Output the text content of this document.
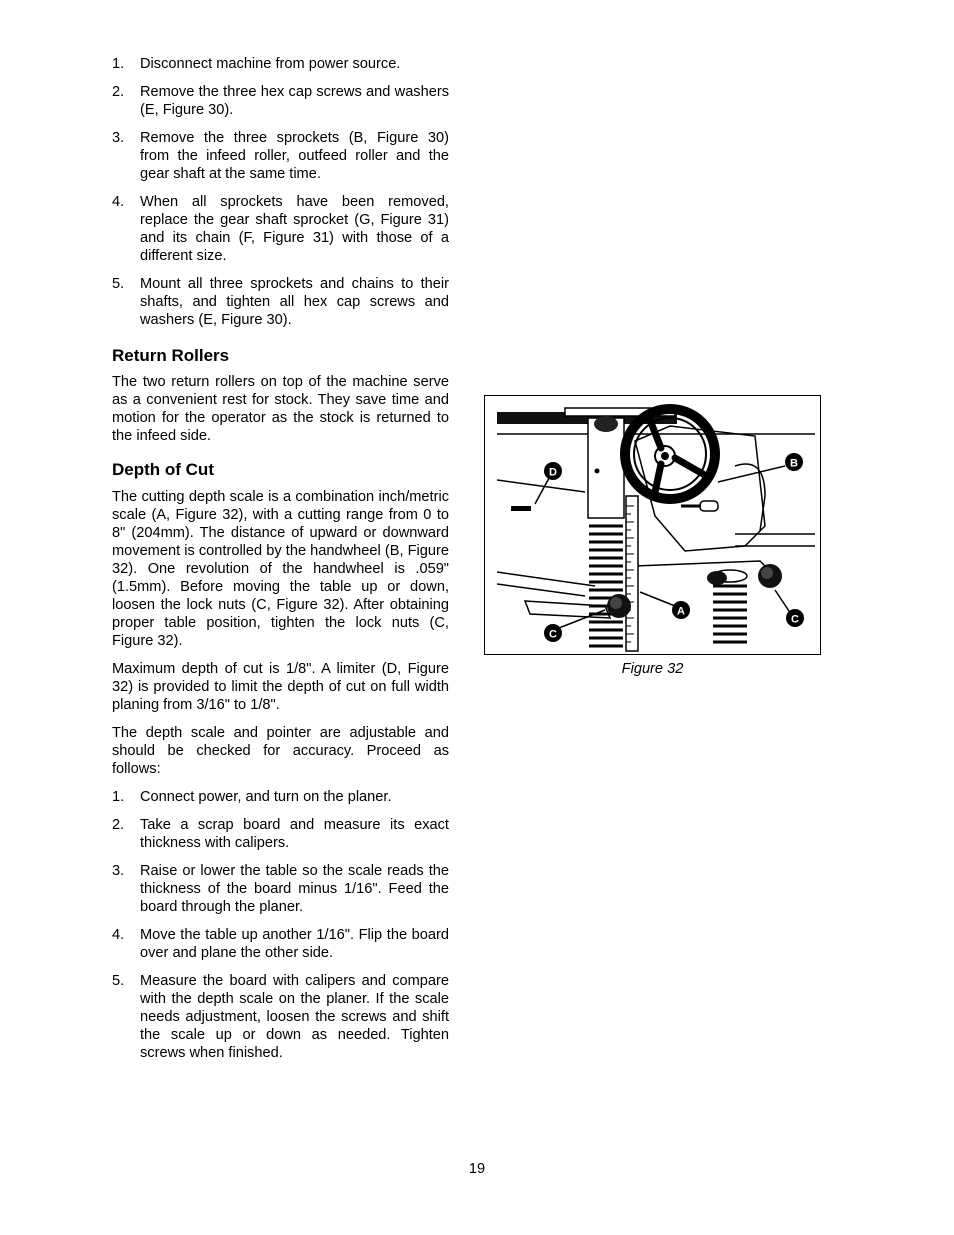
1. Disconnect machine from power source.
2. Remove the three hex cap screws and washers (E, Figure 30).
3. Remove the three sprockets (B, Figure 30) from the infeed roller, outfeed roller and the gear shaft at the same time.
4. When all sprockets have been removed, replace the gear shaft sprocket (G, Figure 31) and its chain (F, Figure 31) with those of a different size.
5. Mount all three sprockets and chains to their shafts, and tighten all hex cap screws and washers (E, Figure 30).
Return Rollers

The two return rollers on top of the machine serve as a convenient rest for stock. They save time and motion for the operator as the stock is returned to the infeed side.

Depth of Cut

The cutting depth scale is a combination inch/metric scale (A, Figure 32), with a cutting range from 0 to 8" (204mm). The distance of upward or downward movement is controlled by the handwheel (B, Figure 32). One revolution of the handwheel is .059" (1.5mm). Before moving the table up or down, loosen the lock nuts (C, Figure 32). After obtaining proper table position, tighten the lock nuts (C, Figure 32).

Maximum depth of cut is 1/8". A limiter (D, Figure 32) is provided to limit the depth of cut on full width planing from 3/16" to 1/8".

The depth scale and pointer are adjustable and should be checked for accuracy. Proceed as follows:

1. Connect power, and turn on the planer.
2. Take a scrap board and measure its exact thickness with calipers.
3. Raise or lower the table so the scale reads the thickness of the board minus 1/16". Feed the board through the planer.
4. Move the table up another 1/16". Flip the board over and plane the other side.
5. Measure the board with calipers and compare with the depth scale on the planer. If the scale needs adjustment, loosen the screws and shift the scale up or down as needed. Tighten screws when finished.
D
B
A
C
C
Figure 32
19
